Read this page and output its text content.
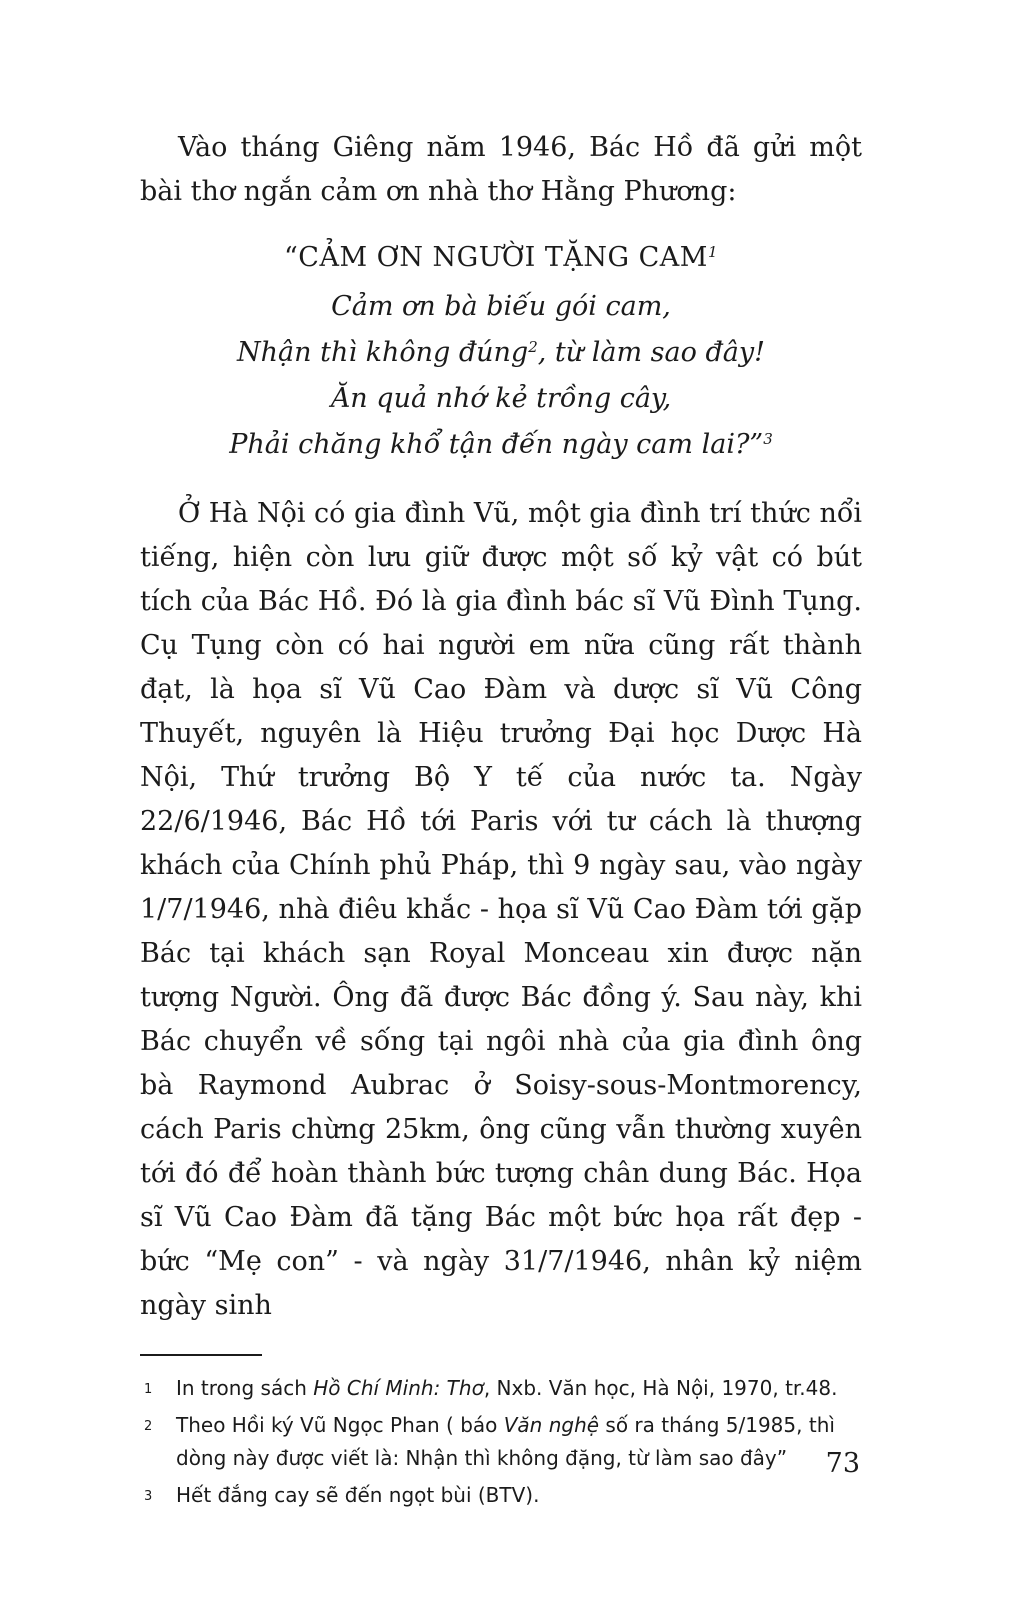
Vào tháng Giêng năm 1946, Bác Hồ đã gửi một bài thơ ngắn cảm ơn nhà thơ Hằng Phương:

“CẢM ƠN NGƯỜI TẶNG CAM$^1$
Cảm ơn bà biếu gói cam,
Nhận thì không đúng$^2$, từ làm sao đây!
Ăn quả nhớ kẻ trồng cây,
Phải chăng khổ tận đến ngày cam lai?”$^3$

Ở Hà Nội có gia đình Vũ, một gia đình trí thức nổi tiếng, hiện còn lưu giữ được một số kỷ vật có bút tích của Bác Hồ. Đó là gia đình bác sĩ Vũ Đình Tụng. Cụ Tụng còn có hai người em nữa cũng rất thành đạt, là họa sĩ Vũ Cao Đàm và dược sĩ Vũ Công Thuyết, nguyên là Hiệu trưởng Đại học Dược Hà Nội, Thứ trưởng Bộ Y tế của nước ta. Ngày 22/6/1946, Bác Hồ tới Paris với tư cách là thượng khách của Chính phủ Pháp, thì 9 ngày sau, vào ngày 1/7/1946, nhà điêu khắc - họa sĩ Vũ Cao Đàm tới gặp Bác tại khách sạn Royal Monceau xin được nặn tượng Người. Ông đã được Bác đồng ý. Sau này, khi Bác chuyển về sống tại ngôi nhà của gia đình ông bà Raymond Aubrac ở Soisy-sous-Montmorency, cách Paris chừng 25km, ông cũng vẫn thường xuyên tới đó để hoàn thành bức tượng chân dung Bác. Họa sĩ Vũ Cao Đàm đã tặng Bác một bức họa rất đẹp - bức “Mẹ con” - và ngày 31/7/1946, nhân kỷ niệm ngày sinh

1 In trong sách Hồ Chí Minh: Thơ, Nxb. Văn học, Hà Nội, 1970, tr.48.
2 Theo Hồi ký Vũ Ngọc Phan ( báo Văn nghệ số ra tháng 5/1985, thì dòng này được viết là: Nhận thì không đặng, từ làm sao đây”
3 Hết đắng cay sẽ đến ngọt bùi (BTV).
73
